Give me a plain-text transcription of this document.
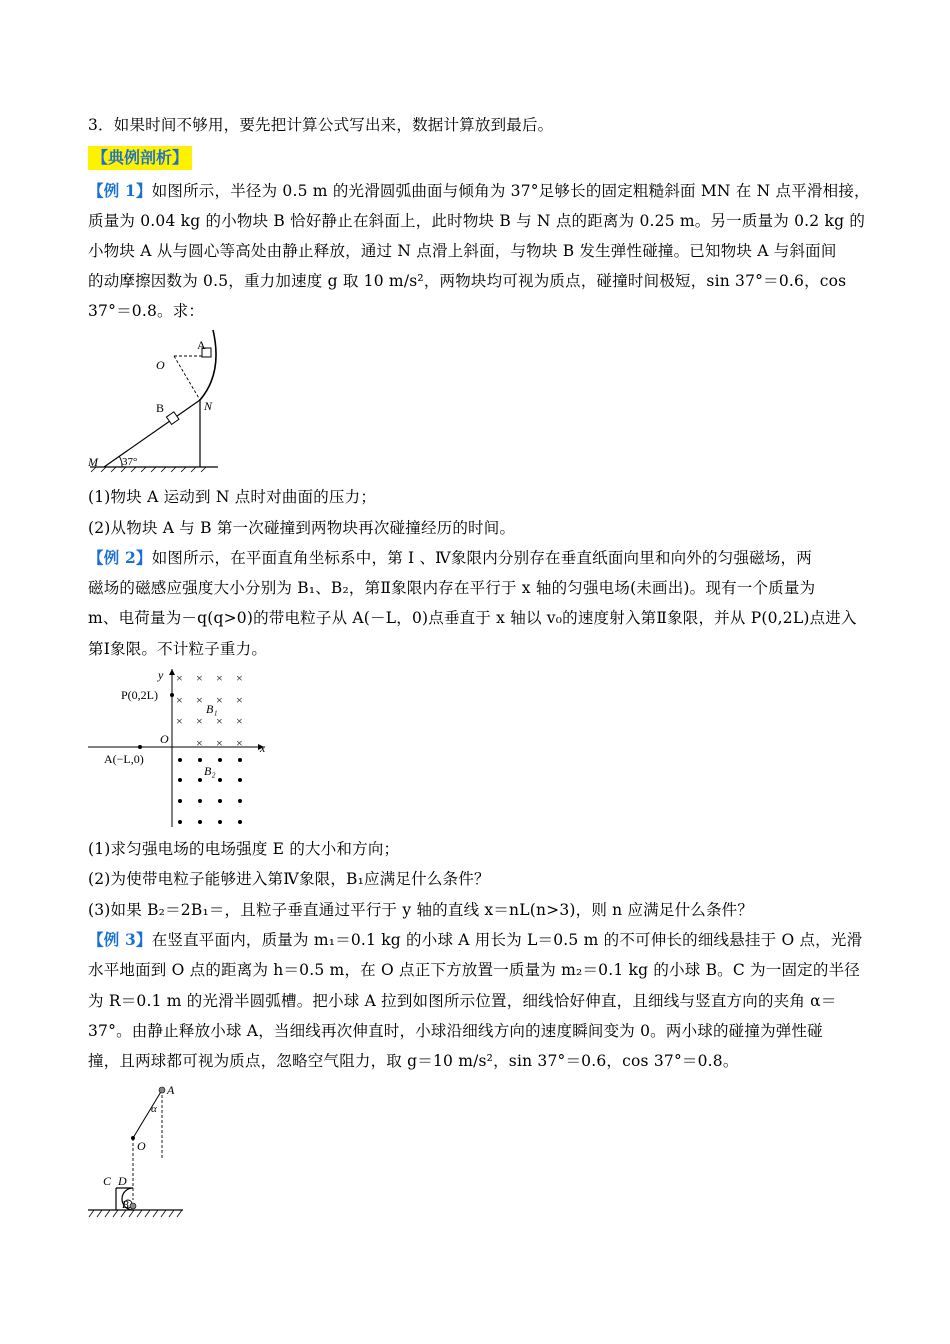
3．如果时间不够用，要先把计算公式写出来，数据计算放到最后。
【典例剖析】
【例 1】如图所示，半径为 0.5 m 的光滑圆弧曲面与倾角为 37°足够长的固定粗糙斜面 MN 在 N 点平滑相接，
质量为 0.04 kg 的小物块 B 恰好静止在斜面上，此时物块 B 与 N 点的距离为 0.25 m。另一质量为 0.2 kg 的
小物块 A 从与圆心等高处由静止释放，通过 N 点滑上斜面，与物块 B 发生弹性碰撞。已知物块 A 与斜面间
的动摩擦因数为 0.5，重力加速度 g 取 10 m/s²，两物块均可视为质点，碰撞时间极短，sin 37°＝0.6，cos
37°＝0.8。求：
A
O
B	N
M 37°
(1)物块 A 运动到 N 点时对曲面的压力；
(2)从物块 A 与 B 第一次碰撞到两物块再次碰撞经历的时间。
【例 2】如图所示，在平面直角坐标系中，第 Ⅰ 、Ⅳ象限内分别存在垂直纸面向里和向外的匀强磁场，两
磁场的磁感应强度大小分别为 B₁、B₂，第Ⅱ象限内存在平行于 x 轴的匀强电场(未画出)。现有一个质量为
m、电荷量为－q(q>0)的带电粒子从 A(－L，0)点垂直于 x 轴以 v₀的速度射入第Ⅱ象限，并从 P(0,2L)点进入
第Ⅰ象限。不计粒子重力。
× × × ×
× × × ×
× × × ×
× × ×
y
x
P(0,2L)
O
A(−L,0)
B₁
B₂
(1)求匀强电场的电场强度 E 的大小和方向；
(2)为使带电粒子能够进入第Ⅳ象限，B₁应满足什么条件？
(3)如果 B₂＝2B₁＝，且粒子垂直通过平行于 y 轴的直线 x＝nL(n>3)，则 n 应满足什么条件？
【例 3】在竖直平面内，质量为 m₁＝0.1 kg 的小球 A 用长为 L＝0.5 m 的不可伸长的细线悬挂于 O 点，光滑
水平地面到 O 点的距离为 h＝0.5 m，在 O 点正下方放置一质量为 m₂＝0.1 kg 的小球 B。C 为一固定的半径
为 R＝0.1 m 的光滑半圆弧槽。把小球 A 拉到如图所示位置，细线恰好伸直，且细线与竖直方向的夹角 α＝
37°。由静止释放小球 A，当细线再次伸直时，小球沿细线方向的速度瞬间变为 0。两小球的碰撞为弹性碰
撞，且两球都可视为质点，忽略空气阻力，取 g＝10 m/s²，sin 37°＝0.6，cos 37°＝0.8。
A
α
O
C D
B
